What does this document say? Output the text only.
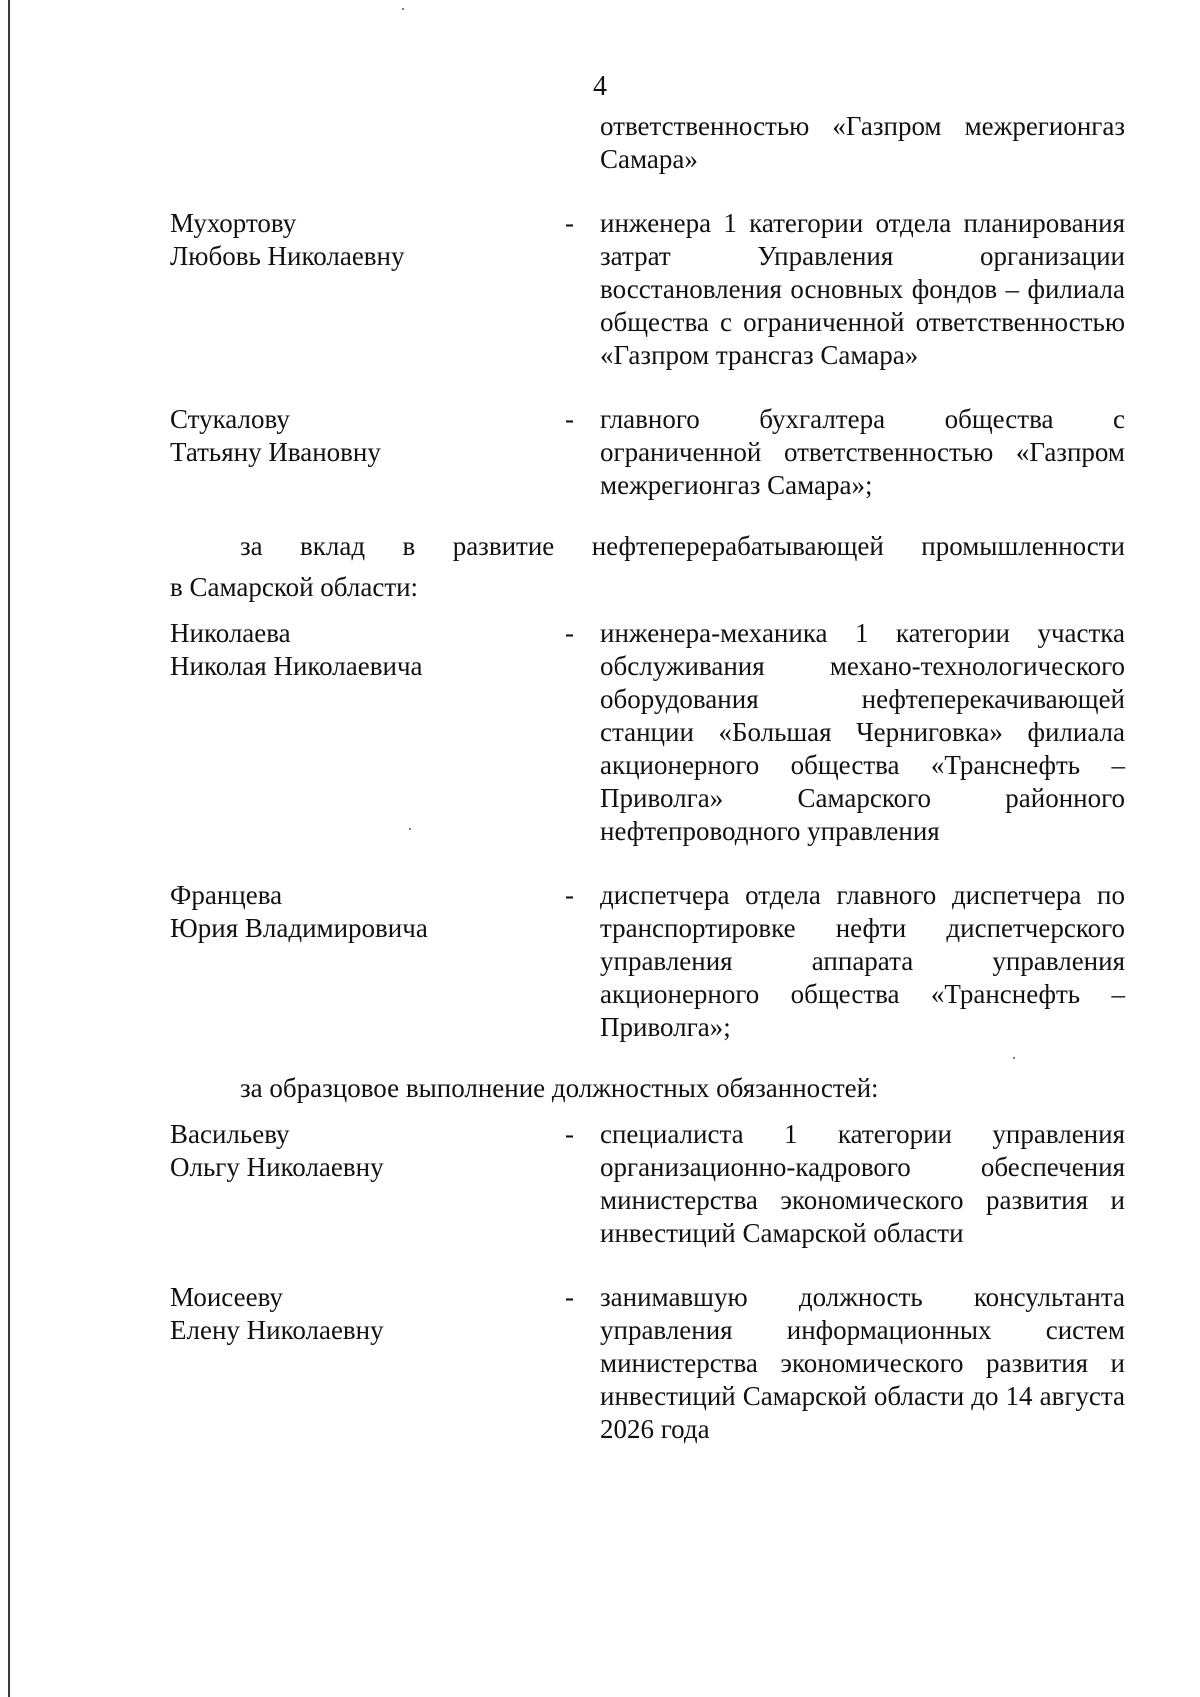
4
ответственностью «Газпром межрегионгаз Самара»
Мухортову
Любовь Николаевну
- инженера 1 категории отдела планирования затрат Управления организации восстановления основных фондов – филиала общества с ограниченной ответственностью «Газпром трансгаз Самара»
Стукалову
Татьяну Ивановну
- главного бухгалтера общества с ограниченной ответственностью «Газпром межрегионгаз Самара»;
за вклад в развитие нефтеперерабатывающей промышленности
в Самарской области:
Николаева
Николая Николаевича
- инженера-механика 1 категории участка обслуживания механо-технологического оборудования нефтеперекачивающей станции «Большая Черниговка» филиала акционерного общества «Транснефть – Приволга» Самарского районного нефтепроводного управления
Францева
Юрия Владимировича
- диспетчера отдела главного диспетчера по транспортировке нефти диспетчерского управления аппарата управления акционерного общества «Транснефть – Приволга»;
за образцовое выполнение должностных обязанностей:
Васильеву
Ольгу Николаевну
- специалиста 1 категории управления организационно-кадрового обеспечения министерства экономического развития и инвестиций Самарской области
Моисееву
Елену Николаевну
- занимавшую должность консультанта управления информационных систем министерства экономического развития и инвестиций Самарской области до 14 августа 2026 года
